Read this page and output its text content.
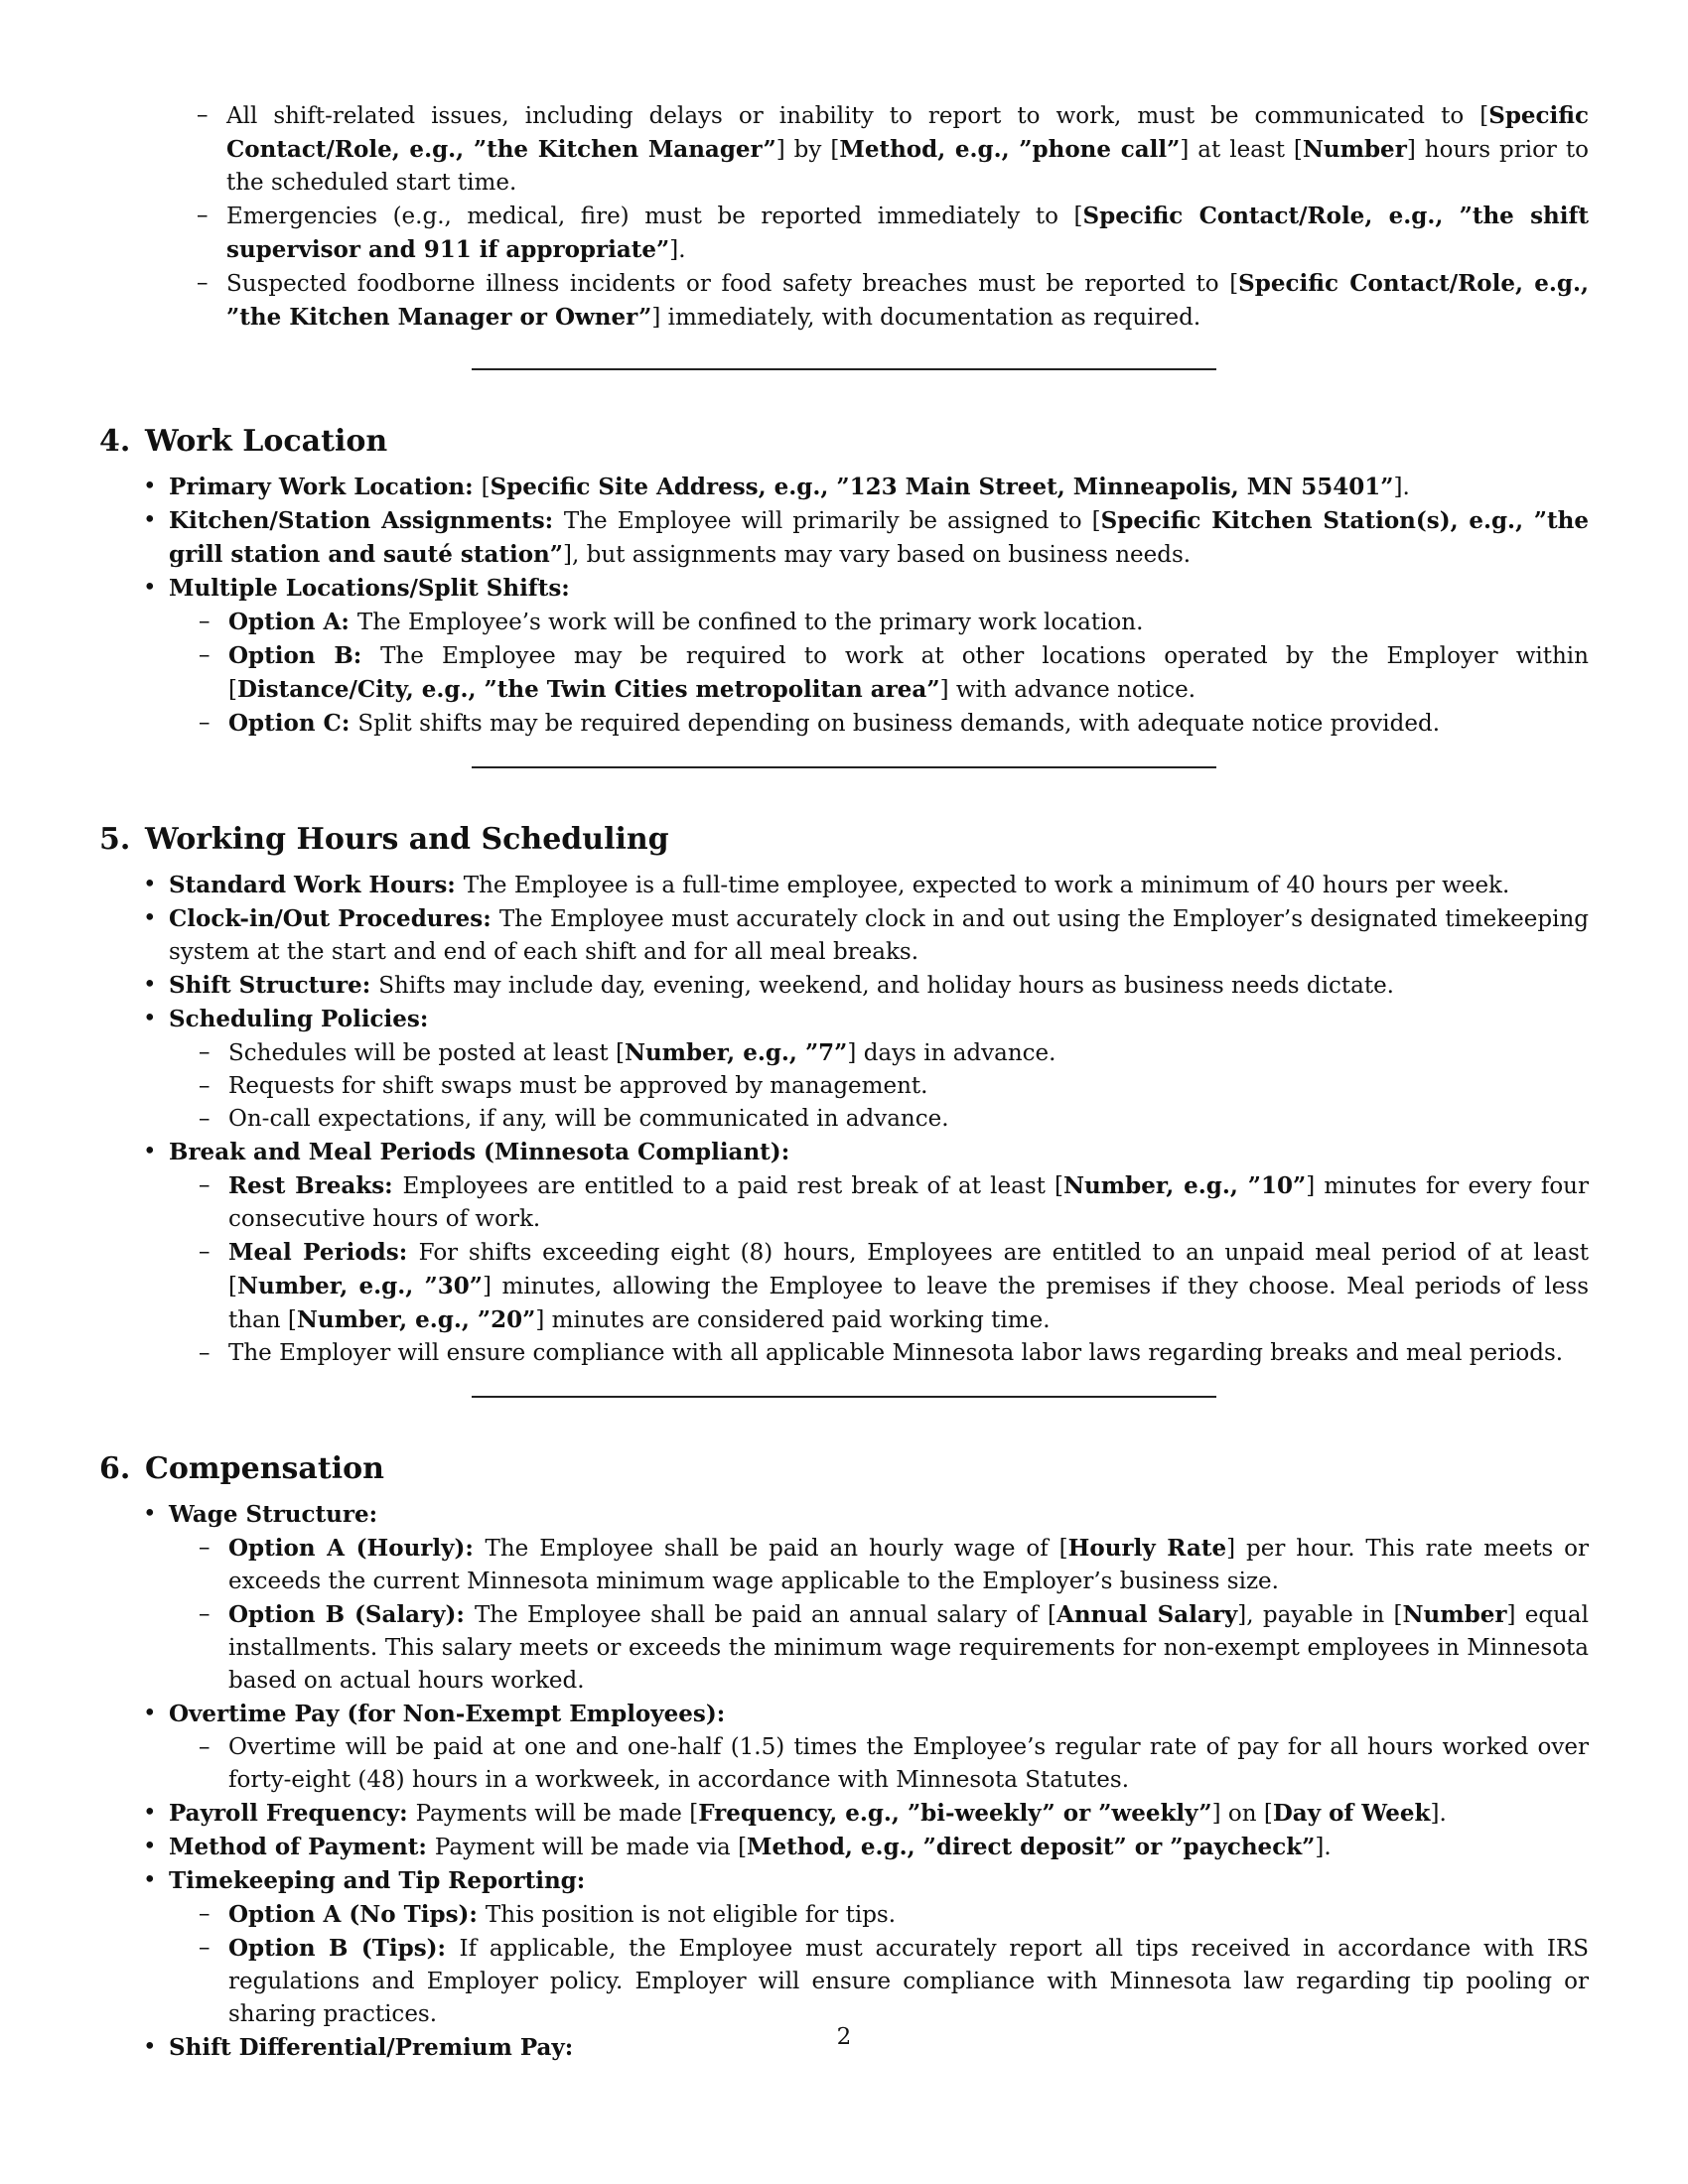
– All shift-related issues, including delays or inability to report to work, must be communicated to [Specific Contact/Role, e.g., ”the Kitchen Manager”] by [Method, e.g., ”phone call”] at least [Number] hours prior to the scheduled start time.
– Emergencies (e.g., medical, fire) must be reported immediately to [Specific Contact/Role, e.g., ”the shift supervisor and 911 if appropriate”].
– Suspected foodborne illness incidents or food safety breaches must be reported to [Specific Contact/Role, e.g., ”the Kitchen Manager or Owner”] immediately, with documentation as required.
4. Work Location
• Primary Work Location: [Specific Site Address, e.g., ”123 Main Street, Minneapolis, MN 55401”].
• Kitchen/Station Assignments: The Employee will primarily be assigned to [Specific Kitchen Station(s), e.g., ”the grill station and sauté station”], but assignments may vary based on business needs.
• Multiple Locations/Split Shifts:
– Option A: The Employee’s work will be confined to the primary work location.
– Option B: The Employee may be required to work at other locations operated by the Employer within [Distance/City, e.g., ”the Twin Cities metropolitan area”] with advance notice.
– Option C: Split shifts may be required depending on business demands, with adequate notice provided.
5. Working Hours and Scheduling
• Standard Work Hours: The Employee is a full-time employee, expected to work a minimum of 40 hours per week.
• Clock-in/Out Procedures: The Employee must accurately clock in and out using the Employer’s designated timekeeping system at the start and end of each shift and for all meal breaks.
• Shift Structure: Shifts may include day, evening, weekend, and holiday hours as business needs dictate.
• Scheduling Policies:
– Schedules will be posted at least [Number, e.g., ”7”] days in advance.
– Requests for shift swaps must be approved by management.
– On-call expectations, if any, will be communicated in advance.
• Break and Meal Periods (Minnesota Compliant):
– Rest Breaks: Employees are entitled to a paid rest break of at least [Number, e.g., ”10”] minutes for every four consecutive hours of work.
– Meal Periods: For shifts exceeding eight (8) hours, Employees are entitled to an unpaid meal period of at least [Number, e.g., ”30”] minutes, allowing the Employee to leave the premises if they choose. Meal periods of less than [Number, e.g., ”20”] minutes are considered paid working time.
– The Employer will ensure compliance with all applicable Minnesota labor laws regarding breaks and meal periods.
6. Compensation
• Wage Structure:
– Option A (Hourly): The Employee shall be paid an hourly wage of [Hourly Rate] per hour. This rate meets or exceeds the current Minnesota minimum wage applicable to the Employer’s business size.
– Option B (Salary): The Employee shall be paid an annual salary of [Annual Salary], payable in [Number] equal installments. This salary meets or exceeds the minimum wage requirements for non-exempt employees in Minnesota based on actual hours worked.
• Overtime Pay (for Non-Exempt Employees):
– Overtime will be paid at one and one-half (1.5) times the Employee’s regular rate of pay for all hours worked over forty-eight (48) hours in a workweek, in accordance with Minnesota Statutes.
• Payroll Frequency: Payments will be made [Frequency, e.g., ”bi-weekly” or ”weekly”] on [Day of Week].
• Method of Payment: Payment will be made via [Method, e.g., ”direct deposit” or ”paycheck”].
• Timekeeping and Tip Reporting:
– Option A (No Tips): This position is not eligible for tips.
– Option B (Tips): If applicable, the Employee must accurately report all tips received in accordance with IRS regulations and Employer policy. Employer will ensure compliance with Minnesota law regarding tip pooling or sharing practices.
• Shift Differential/Premium Pay:	2
